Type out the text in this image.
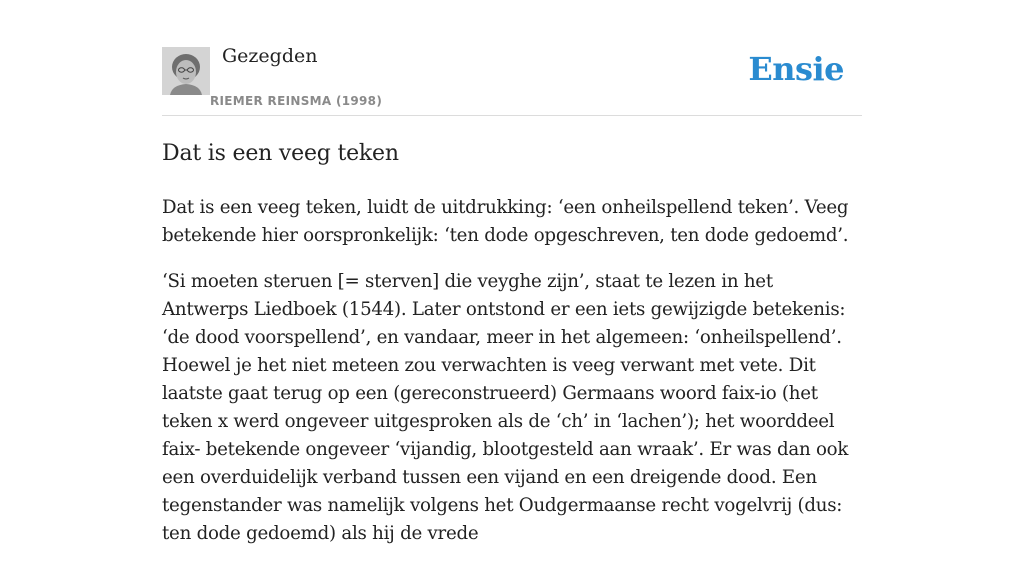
Gezegden
RIEMER REINSMA (1998)
Ensie
Dat is een veeg teken

Dat is een veeg teken, luidt de uitdrukking: ‘een onheilspellend teken’. Veeg betekende hier oorspronkelijk: ‘ten dode opgeschreven, ten dode gedoemd’.

‘Si moeten steruen [= sterven] die veyghe zijn’, staat te lezen in het Antwerps Liedboek (1544). Later ontstond er een iets gewijzigde betekenis: ‘de dood voorspellend’, en vandaar, meer in het algemeen: ‘onheilspellend’. Hoewel je het niet meteen zou verwachten is veeg verwant met vete. Dit laatste gaat terug op een (gereconstrueerd) Germaans woord faix-io (het teken x werd ongeveer uitgesproken als de ‘ch’ in ‘lachen’); het woorddeel faix- betekende ongeveer ‘vijandig, blootgesteld aan wraak’. Er was dan ook een overduidelijk verband tussen een vijand en een dreigende dood. Een tegenstander was namelijk volgens het Oudgermaanse recht vogelvrij (dus: ten dode gedoemd) als hij de vrede
